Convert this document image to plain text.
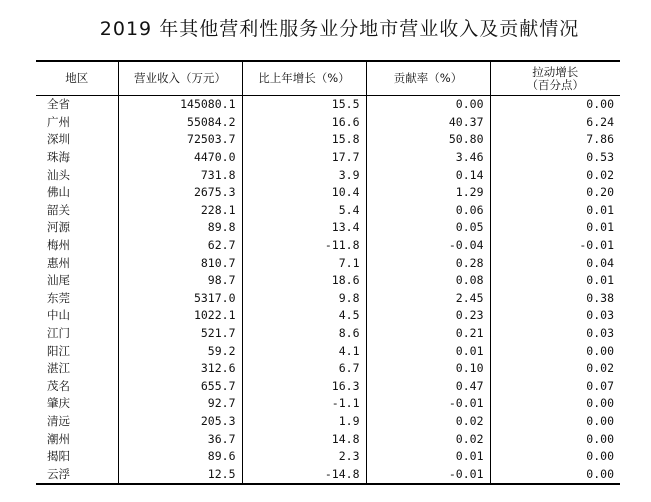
2019 年其他营利性服务业分地市营业收入及贡献情况
地区	营业收入（万元）	比上年增长（%）	贡献率（%）	拉动增长
（百分点）

全省	145080.1	15.5	0.00	0.00
广州	55084.2	16.6	40.37	6.24
深圳	72503.7	15.8	50.80	7.86
珠海	4470.0	17.7	3.46	0.53
汕头	731.8	3.9	0.14	0.02
佛山	2675.3	10.4	1.29	0.20
韶关	228.1	5.4	0.06	0.01
河源	89.8	13.4	0.05	0.01
梅州	62.7	-11.8	-0.04	-0.01
惠州	810.7	7.1	0.28	0.04
汕尾	98.7	18.6	0.08	0.01
东莞	5317.0	9.8	2.45	0.38
中山	1022.1	4.5	0.23	0.03
江门	521.7	8.6	0.21	0.03
阳江	59.2	4.1	0.01	0.00
湛江	312.6	6.7	0.10	0.02
茂名	655.7	16.3	0.47	0.07
肇庆	92.7	-1.1	-0.01	0.00
清远	205.3	1.9	0.02	0.00
潮州	36.7	14.8	0.02	0.00
揭阳	89.6	2.3	0.01	0.00
云浮	12.5	-14.8	-0.01	0.00
